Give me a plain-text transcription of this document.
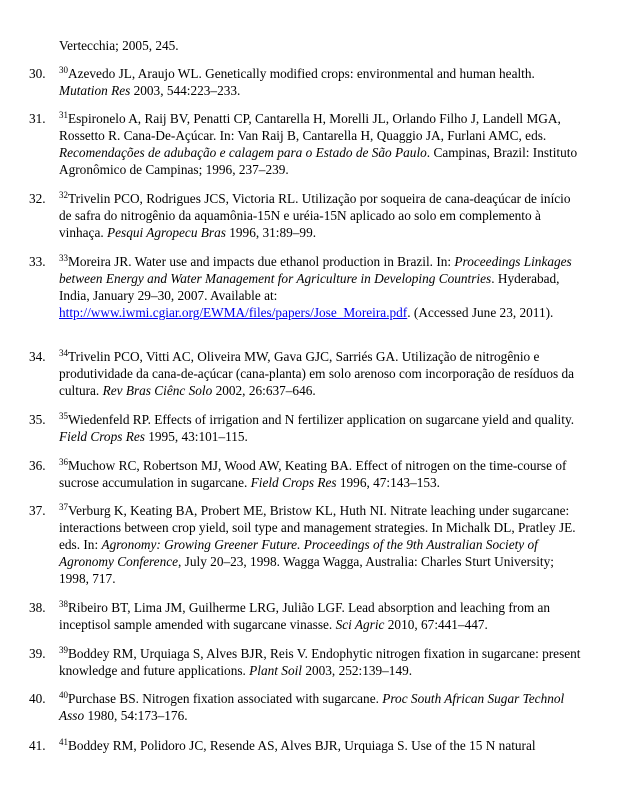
Vertecchia; 2005, 245.

30. $^{30}$Azevedo JL, Araujo WL. Genetically modified crops: environmental and human health. Mutation Res 2003, 544:223–233.

31. $^{31}$Espironelo A, Raij BV, Penatti CP, Cantarella H, Morelli JL, Orlando Filho J, Landell MGA, Rossetto R. Cana-De-Açúcar. In: Van Raij B, Cantarella H, Quaggio JA, Furlani AMC, eds. Recomendações de adubação e calagem para o Estado de São Paulo. Campinas, Brazil: Instituto Agronômico de Campinas; 1996, 237–239.

32. $^{32}$Trivelin PCO, Rodrigues JCS, Victoria RL. Utilização por soqueira de cana-deaçúcar de início de safra do nitrogênio da aquamônia-15N e uréia-15N aplicado ao solo em complemento à vinhaça. Pesqui Agropecu Bras 1996, 31:89–99.

33. $^{33}$Moreira JR. Water use and impacts due ethanol production in Brazil. In: Proceedings Linkages between Energy and Water Management for Agriculture in Developing Countries. Hyderabad, India, January 29–30, 2007. Available at: http://www.iwmi.cgiar.org/EWMA/files/papers/Jose_Moreira.pdf. (Accessed June 23, 2011).

34. $^{34}$Trivelin PCO, Vitti AC, Oliveira MW, Gava GJC, Sarriés GA. Utilização de nitrogênio e produtividade da cana-de-açúcar (cana-planta) em solo arenoso com incorporação de resíduos da cultura. Rev Bras Ciênc Solo 2002, 26:637–646.

35. $^{35}$Wiedenfeld RP. Effects of irrigation and N fertilizer application on sugarcane yield and quality. Field Crops Res 1995, 43:101–115.

36. $^{36}$Muchow RC, Robertson MJ, Wood AW, Keating BA. Effect of nitrogen on the time-course of sucrose accumulation in sugarcane. Field Crops Res 1996, 47:143–153.

37. $^{37}$Verburg K, Keating BA, Probert ME, Bristow KL, Huth NI. Nitrate leaching under sugarcane: interactions between crop yield, soil type and management strategies. In Michalk DL, Pratley JE. eds. In: Agronomy: Growing Greener Future. Proceedings of the 9th Australian Society of Agronomy Conference, July 20–23, 1998. Wagga Wagga, Australia: Charles Sturt University; 1998, 717.

38. $^{38}$Ribeiro BT, Lima JM, Guilherme LRG, Julião LGF. Lead absorption and leaching from an inceptisol sample amended with sugarcane vinasse. Sci Agric 2010, 67:441–447.

39. $^{39}$Boddey RM, Urquiaga S, Alves BJR, Reis V. Endophytic nitrogen fixation in sugarcane: present knowledge and future applications. Plant Soil 2003, 252:139–149.

40. $^{40}$Purchase BS. Nitrogen fixation associated with sugarcane. Proc South African Sugar Technol Asso 1980, 54:173–176.

41. $^{41}$Boddey RM, Polidoro JC, Resende AS, Alves BJR, Urquiaga S. Use of the 15 N natural
